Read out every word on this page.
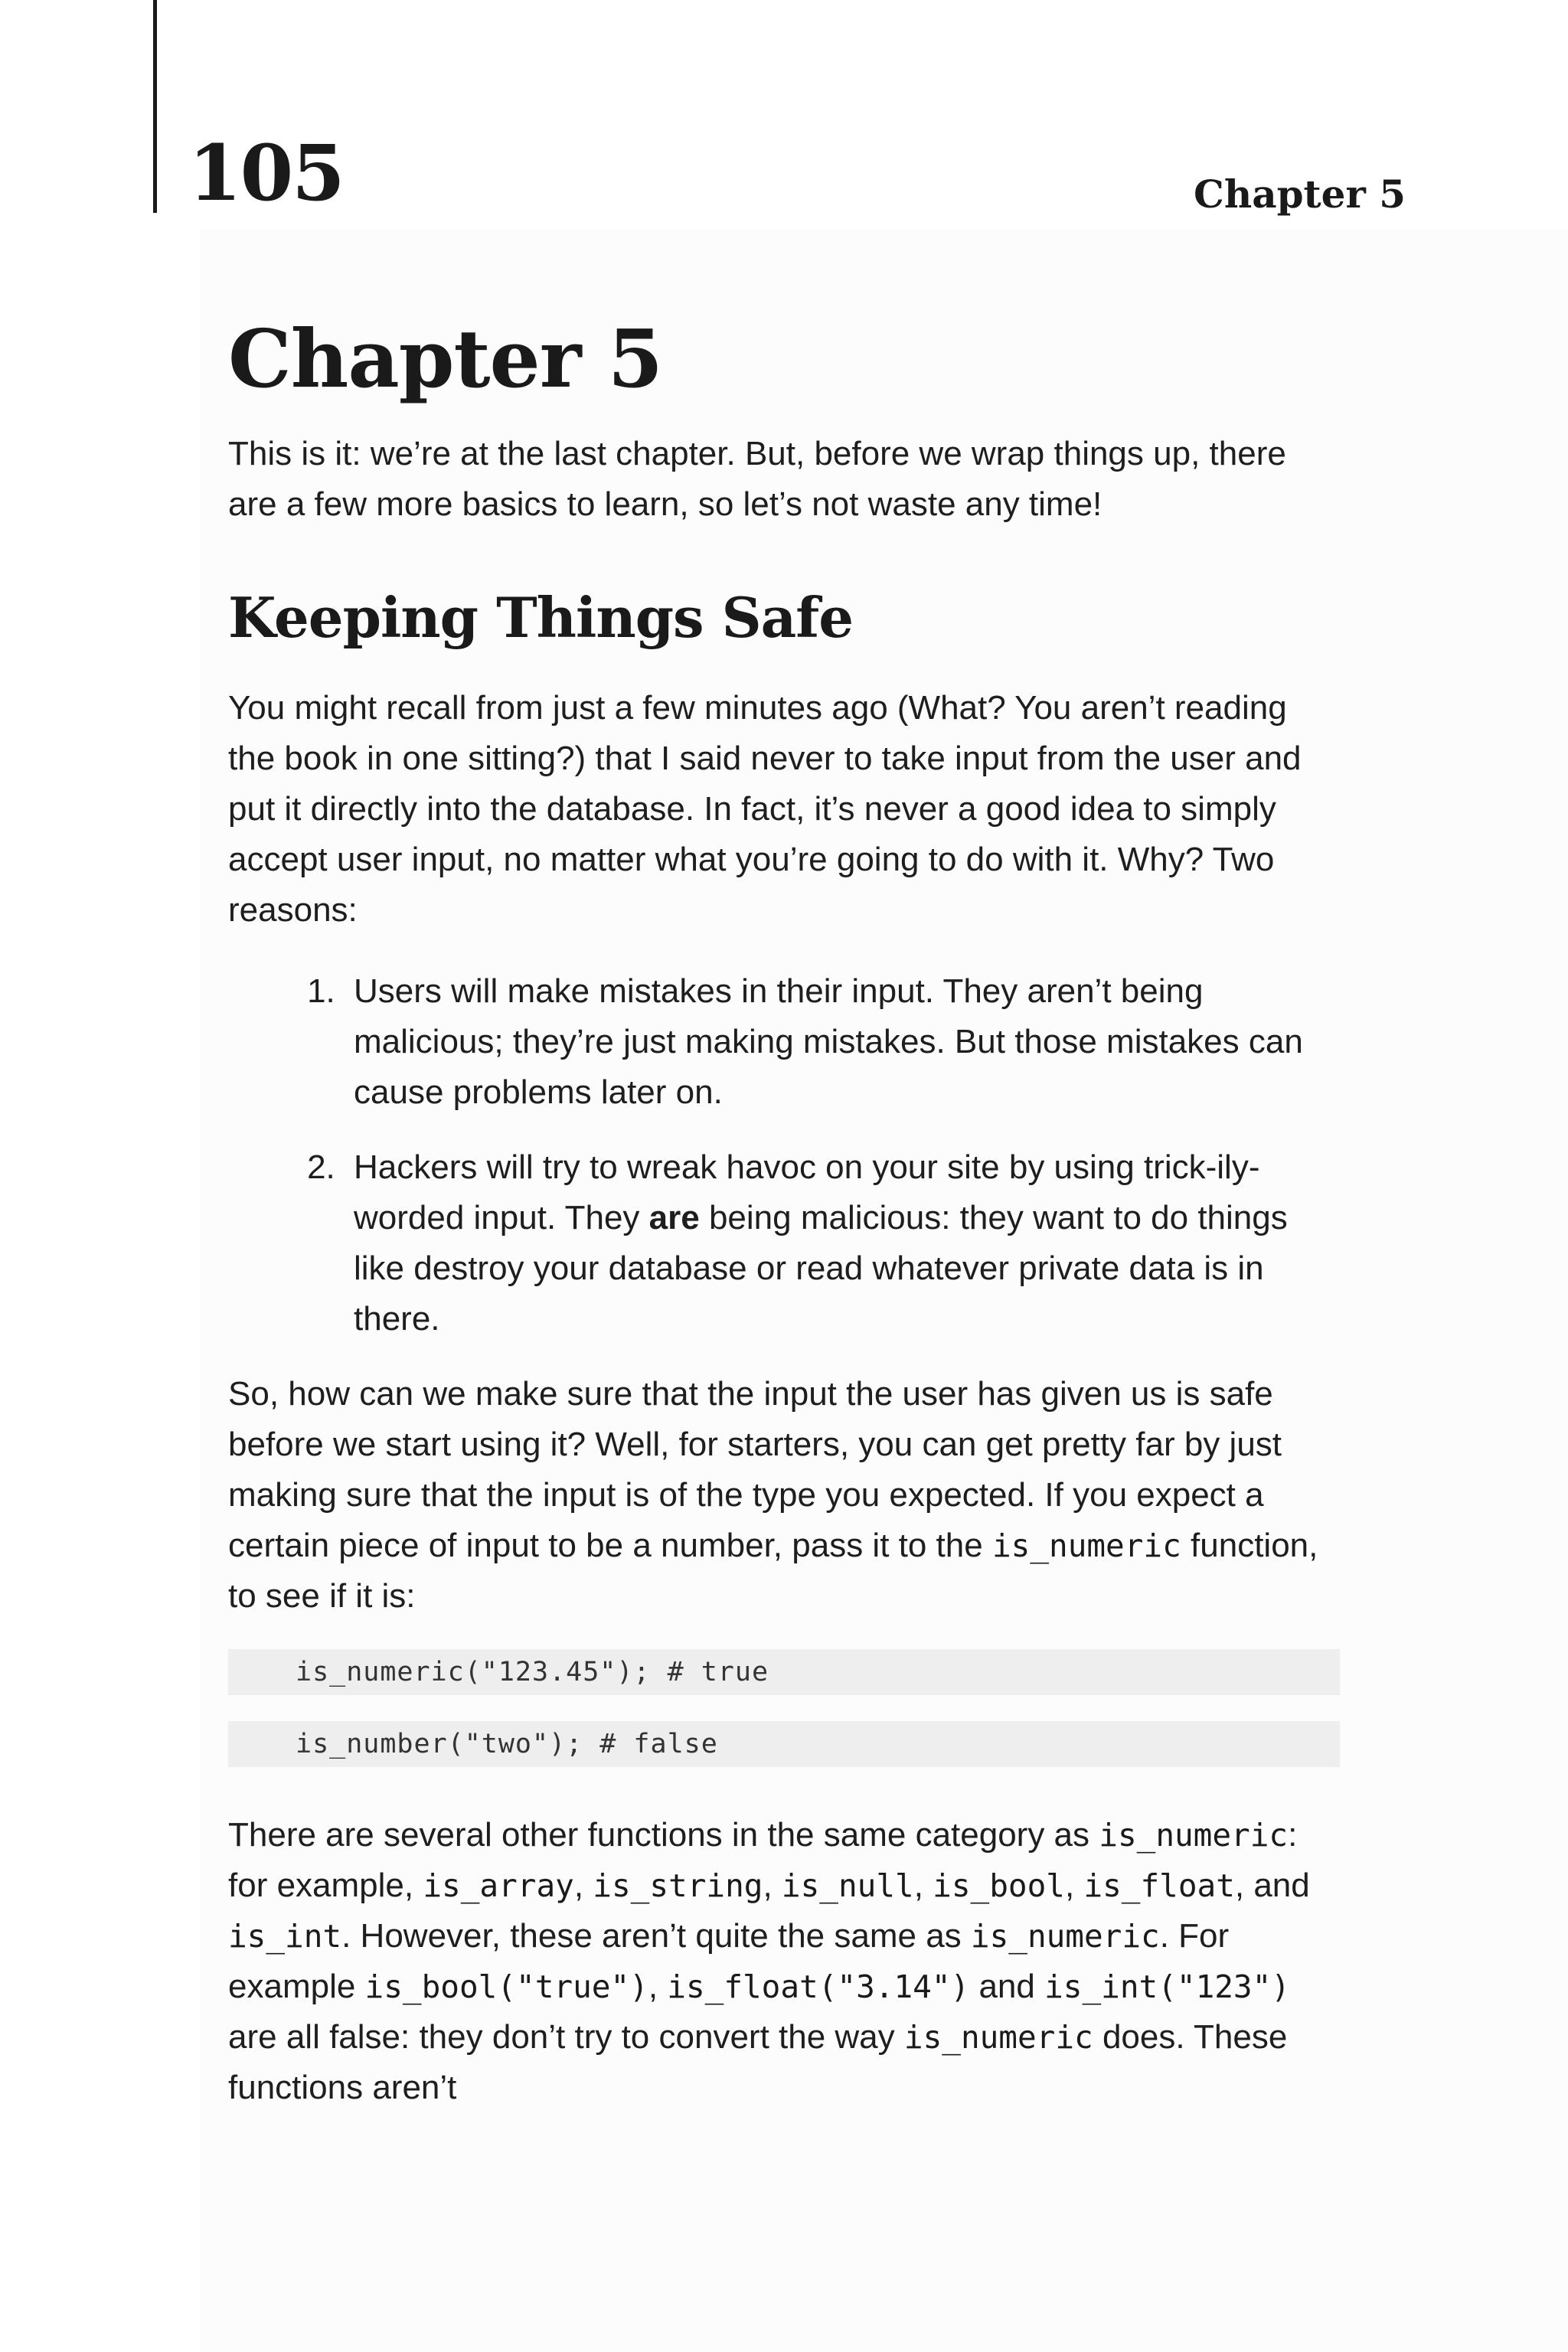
105	Chapter 5
Chapter 5

This is it: we’re at the last chapter. But, before we wrap things up, there are a few more basics to learn, so let’s not waste any time!

Keeping Things Safe

You might recall from just a few minutes ago (What? You aren’t reading the book in one sitting?) that I said never to take input from the user and put it directly into the database. In fact, it’s never a good idea to simply accept user input, no matter what you’re going to do with it. Why? Two reasons:

1. Users will make mistakes in their input. They aren’t being malicious; they’re just making mistakes. But those mistakes can cause problems later on.
2. Hackers will try to wreak havoc on your site by using trick-ily-worded input. They are being malicious: they want to do things like destroy your database or read whatever private data is in there.

So, how can we make sure that the input the user has given us is safe before we start using it? Well, for starters, you can get pretty far by just making sure that the input is of the type you expected. If you expect a certain piece of input to be a number, pass it to the is_numeric function, to see if it is:

is_numeric("123.45"); # true
is_number("two"); # false

There are several other functions in the same category as is_numeric: for example, is_array, is_string, is_null, is_bool, is_float, and is_int. However, these aren’t quite the same as is_numeric. For example is_bool("true"), is_float("3.14") and is_int("123") are all false: they don’t try to convert the way is_numeric does. These functions aren’t
